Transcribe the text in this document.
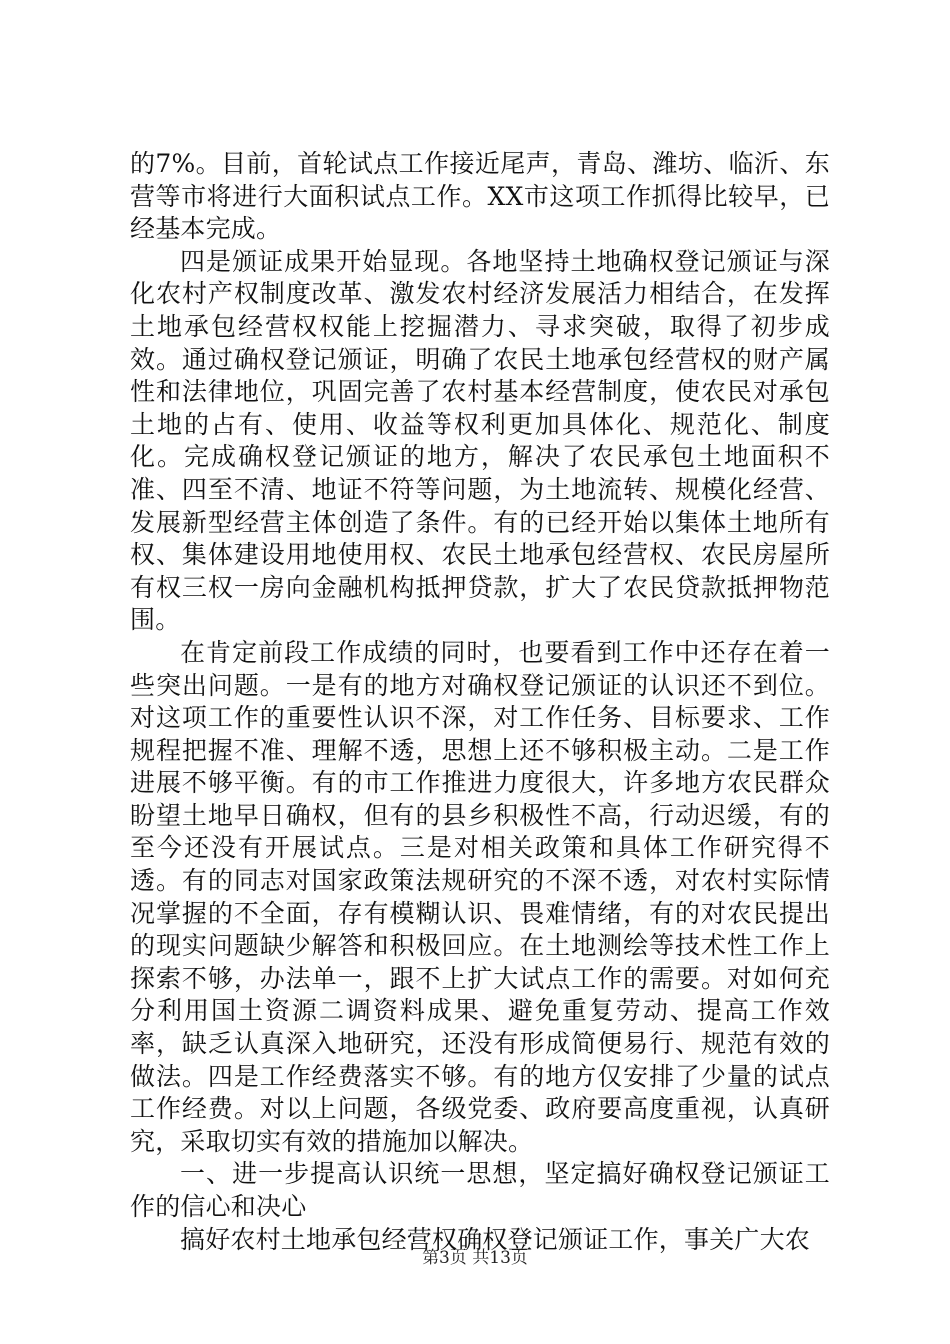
的7%。目前，首轮试点工作接近尾声，青岛、潍坊、临沂、东营等市将进行大面积试点工作。XX市这项工作抓得比较早，已经基本完成。

四是颁证成果开始显现。各地坚持土地确权登记颁证与深化农村产权制度改革、激发农村经济发展活力相结合，在发挥土地承包经营权权能上挖掘潜力、寻求突破，取得了初步成效。通过确权登记颁证，明确了农民土地承包经营权的财产属性和法律地位，巩固完善了农村基本经营制度，使农民对承包土地的占有、使用、收益等权利更加具体化、规范化、制度化。完成确权登记颁证的地方，解决了农民承包土地面积不准、四至不清、地证不符等问题，为土地流转、规模化经营、发展新型经营主体创造了条件。有的已经开始以集体土地所有权、集体建设用地使用权、农民土地承包经营权、农民房屋所有权三权一房向金融机构抵押贷款，扩大了农民贷款抵押物范围。

在肯定前段工作成绩的同时，也要看到工作中还存在着一些突出问题。一是有的地方对确权登记颁证的认识还不到位。对这项工作的重要性认识不深，对工作任务、目标要求、工作规程把握不准、理解不透，思想上还不够积极主动。二是工作进展不够平衡。有的市工作推进力度很大，许多地方农民群众盼望土地早日确权，但有的县乡积极性不高，行动迟缓，有的至今还没有开展试点。三是对相关政策和具体工作研究得不透。有的同志对国家政策法规研究的不深不透，对农村实际情况掌握的不全面，存有模糊认识、畏难情绪，有的对农民提出的现实问题缺少解答和积极回应。在土地测绘等技术性工作上探索不够，办法单一，跟不上扩大试点工作的需要。对如何充分利用国土资源二调资料成果、避免重复劳动、提高工作效率，缺乏认真深入地研究，还没有形成简便易行、规范有效的做法。四是工作经费落实不够。有的地方仅安排了少量的试点工作经费。对以上问题，各级党委、政府要高度重视，认真研究，采取切实有效的措施加以解决。

一、进一步提高认识统一思想，坚定搞好确权登记颁证工作的信心和决心

搞好农村土地承包经营权确权登记颁证工作，事关广大农

第3页 共13页
